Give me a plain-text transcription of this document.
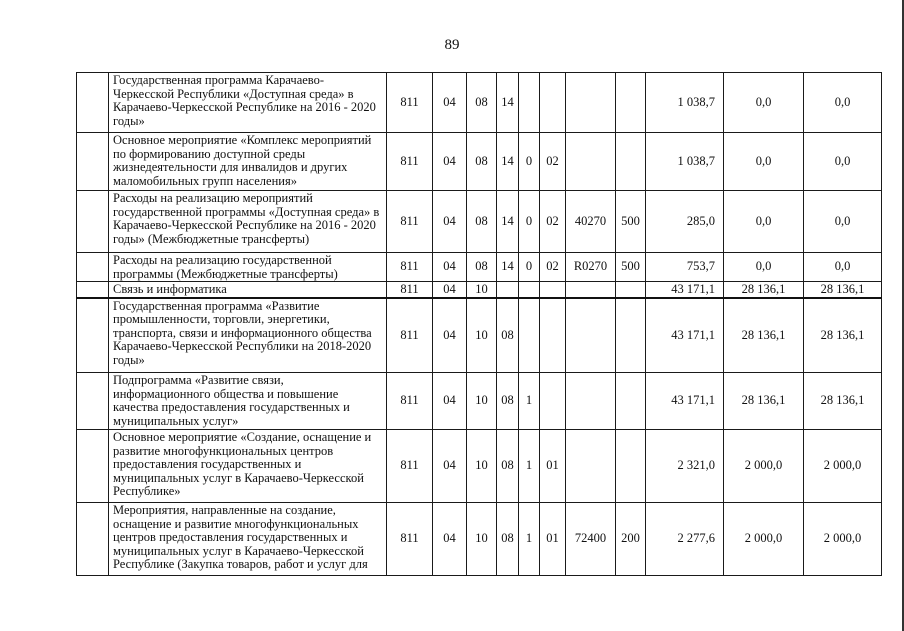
89
	Государственная программа Карачаево-Черкесской Республики «Доступная среда» в Карачаево-Черкесской Республике на 2016 - 2020 годы»	811	04	08	14					1 038,7	0,0	0,0
	Основное мероприятие «Комплекс мероприятий по формированию доступной среды жизнедеятельности для инвалидов и других маломобильных групп населения»	811	04	08	14	0	02			1 038,7	0,0	0,0
	Расходы на реализацию мероприятий государственной программы «Доступная среда» в Карачаево-Черкесской Республике на 2016 - 2020 годы» (Межбюджетные трансферты)	811	04	08	14	0	02	40270	500	285,0	0,0	0,0
	Расходы на реализацию государственной программы (Межбюджетные трансферты)	811	04	08	14	0	02	R0270	500	753,7	0,0	0,0
	Связь и информатика	811	04	10						43 171,1	28 136,1	28 136,1
	Государственная программа «Развитие промышленности, торговли, энергетики, транспорта, связи и информационного общества Карачаево-Черкесской Республики на 2018-2020 годы»	811	04	10	08					43 171,1	28 136,1	28 136,1
	Подпрограмма «Развитие связи, информационного общества и повышение качества предоставления государственных и муниципальных услуг»	811	04	10	08	1				43 171,1	28 136,1	28 136,1
	Основное мероприятие «Создание, оснащение и развитие многофункциональных центров предоставления государственных и муниципальных услуг в Карачаево-Черкесской Республике»	811	04	10	08	1	01			2 321,0	2 000,0	2 000,0
	Мероприятия, направленные на создание, оснащение и развитие многофункциональных центров предоставления государственных и муниципальных услуг в Карачаево-Черкесской Республике (Закупка товаров, работ и услуг для	811	04	10	08	1	01	72400	200	2 277,6	2 000,0	2 000,0
